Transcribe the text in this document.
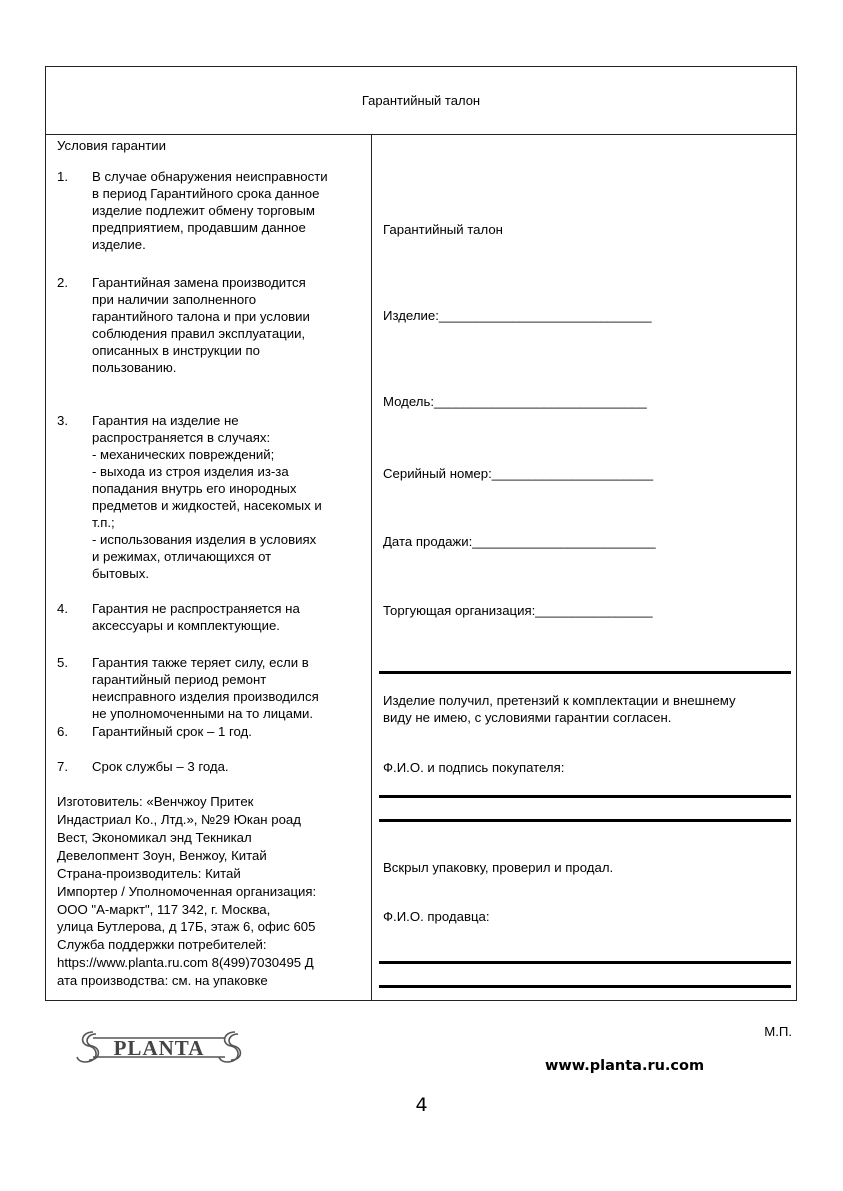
Гарантийный талон
Условия гарантии
1. В случае обнаружения неисправности
в период Гарантийного срока данное
изделие подлежит обмену торговым
предприятием, продавшим данное
изделие.
2. Гарантийная замена производится
при наличии заполненного
гарантийного талона и при условии
соблюдения правил эксплуатации,
описанных в инструкции по
пользованию.
3. Гарантия на изделие не
распространяется в случаях:
- механических повреждений;
- выхода из строя изделия из-за
попадания внутрь его инородных
предметов и жидкостей, насекомых и
т.п.;
- использования изделия в условиях
и режимах, отличающихся от
бытовых.
4. Гарантия не распространяется на
аксессуары и комплектующие.
5. Гарантия также теряет силу, если в
гарантийный период ремонт
неисправного изделия производился
не уполномоченными на то лицами.
6. Гарантийный срок – 1 год.
7. Срок службы – 3 года.
Изготовитель: «Венчжоу Притек
Индастриал Ко., Лтд.», №29 Юкан роад
Вест, Экономикал энд Текникал
Девелопмент Зоун, Венжоу, Китай
Страна-производитель: Китай
Импортер / Уполномоченная организация:
ООО "А-маркт", 117 342, г. Москва,
улица Бутлерова, д 17Б, этаж 6, офис 605
Служба поддержки потребителей:
https://www.planta.ru.com 8(499)7030495 Д
ата производства: см. на упаковке
Гарантийный талон
Изделие:_____________________________
Модель:_____________________________
Серийный номер:______________________
Дата продажи:_________________________
Торгующая организация:________________
Изделие получил, претензий к комплектации и внешнему
виду не имею, с условиями гарантии согласен.
Ф.И.О. и подпись покупателя:
Вскрыл упаковку, проверил и продал.
Ф.И.О. продавца:
М.П.
PLANTA
www.planta.ru.com
4
